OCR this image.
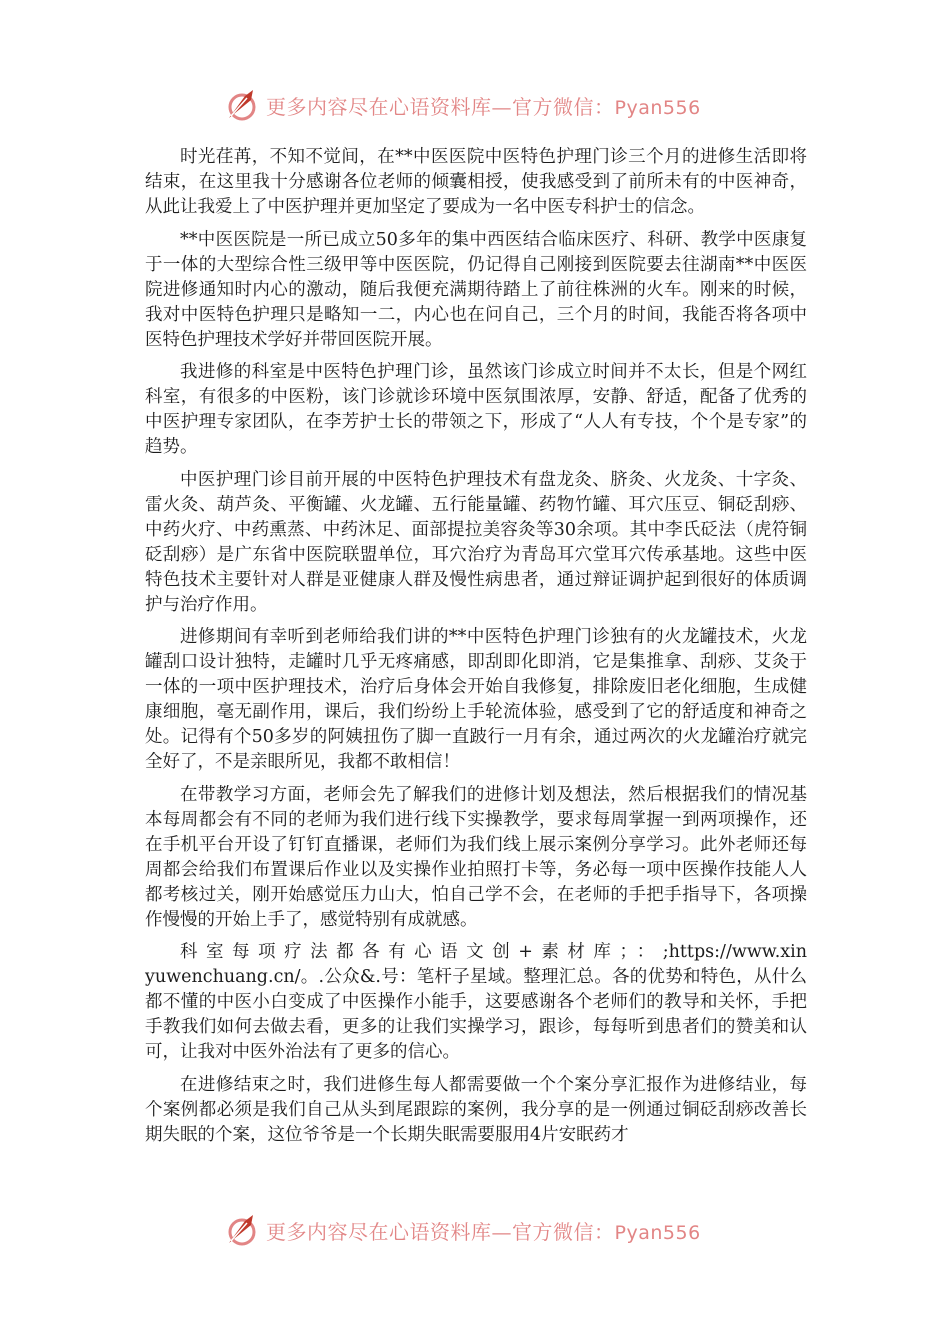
更多内容尽在心语资料库—官方微信：Pyan556

时光荏苒，不知不觉间，在**中医医院中医特色护理门诊三个月的进修生活即将结束，在这里我十分感谢各位老师的倾囊相授，使我感受到了前所未有的中医神奇，从此让我爱上了中医护理并更加坚定了要成为一名中医专科护士的信念。

**中医医院是一所已成立50多年的集中西医结合临床医疗、科研、教学中医康复于一体的大型综合性三级甲等中医医院，仍记得自己刚接到医院要去往湖南**中医医院进修通知时内心的激动，随后我便充满期待踏上了前往株洲的火车。刚来的时候，我对中医特色护理只是略知一二，内心也在问自己，三个月的时间，我能否将各项中医特色护理技术学好并带回医院开展。

我进修的科室是中医特色护理门诊，虽然该门诊成立时间并不太长，但是个网红科室，有很多的中医粉，该门诊就诊环境中医氛围浓厚，安静、舒适，配备了优秀的中医护理专家团队，在李芳护士长的带领之下，形成了“人人有专技，个个是专家”的趋势。

中医护理门诊目前开展的中医特色护理技术有盘龙灸、脐灸、火龙灸、十字灸、雷火灸、葫芦灸、平衡罐、火龙罐、五行能量罐、药物竹罐、耳穴压豆、铜砭刮痧、中药火疗、中药熏蒸、中药沐足、面部提拉美容灸等30余项。其中李氏砭法（虎符铜砭刮痧）是广东省中医院联盟单位，耳穴治疗为青岛耳穴堂耳穴传承基地。这些中医特色技术主要针对人群是亚健康人群及慢性病患者，通过辩证调护起到很好的体质调护与治疗作用。

进修期间有幸听到老师给我们讲的**中医特色护理门诊独有的火龙罐技术，火龙罐刮口设计独特，走罐时几乎无疼痛感，即刮即化即消，它是集推拿、刮痧、艾灸于一体的一项中医护理技术，治疗后身体会开始自我修复，排除废旧老化细胞，生成健康细胞，毫无副作用，课后，我们纷纷上手轮流体验，感受到了它的舒适度和神奇之处。记得有个50多岁的阿姨扭伤了脚一直跛行一月有余，通过两次的火龙罐治疗就完全好了，不是亲眼所见，我都不敢相信！

在带教学习方面，老师会先了解我们的进修计划及想法，然后根据我们的情况基本每周都会有不同的老师为我们进行线下实操教学，要求每周掌握一到两项操作，还在手机平台开设了钉钉直播课，老师们为我们线上展示案例分享学习。此外老师还每周都会给我们布置课后作业以及实操作业拍照打卡等，务必每一项中医操作技能人人都考核过关，刚开始感觉压力山大，怕自己学不会，在老师的手把手指导下，各项操作慢慢的开始上手了，感觉特别有成就感。

科室每项疗法都各有心语文创+素材库；：;https://www.xinyuwenchuang.cn/。.公众&.号：笔杆子星域。整理汇总。各的优势和特色，从什么都不懂的中医小白变成了中医操作小能手，这要感谢各个老师们的教导和关怀，手把手教我们如何去做去看，更多的让我们实操学习，跟诊，每每听到患者们的赞美和认可，让我对中医外治法有了更多的信心。

在进修结束之时，我们进修生每人都需要做一个个案分享汇报作为进修结业，每个案例都必须是我们自己从头到尾跟踪的案例，我分享的是一例通过铜砭刮痧改善长期失眠的个案，这位爷爷是一个长期失眠需要服用4片安眠药才

更多内容尽在心语资料库—官方微信：Pyan556
